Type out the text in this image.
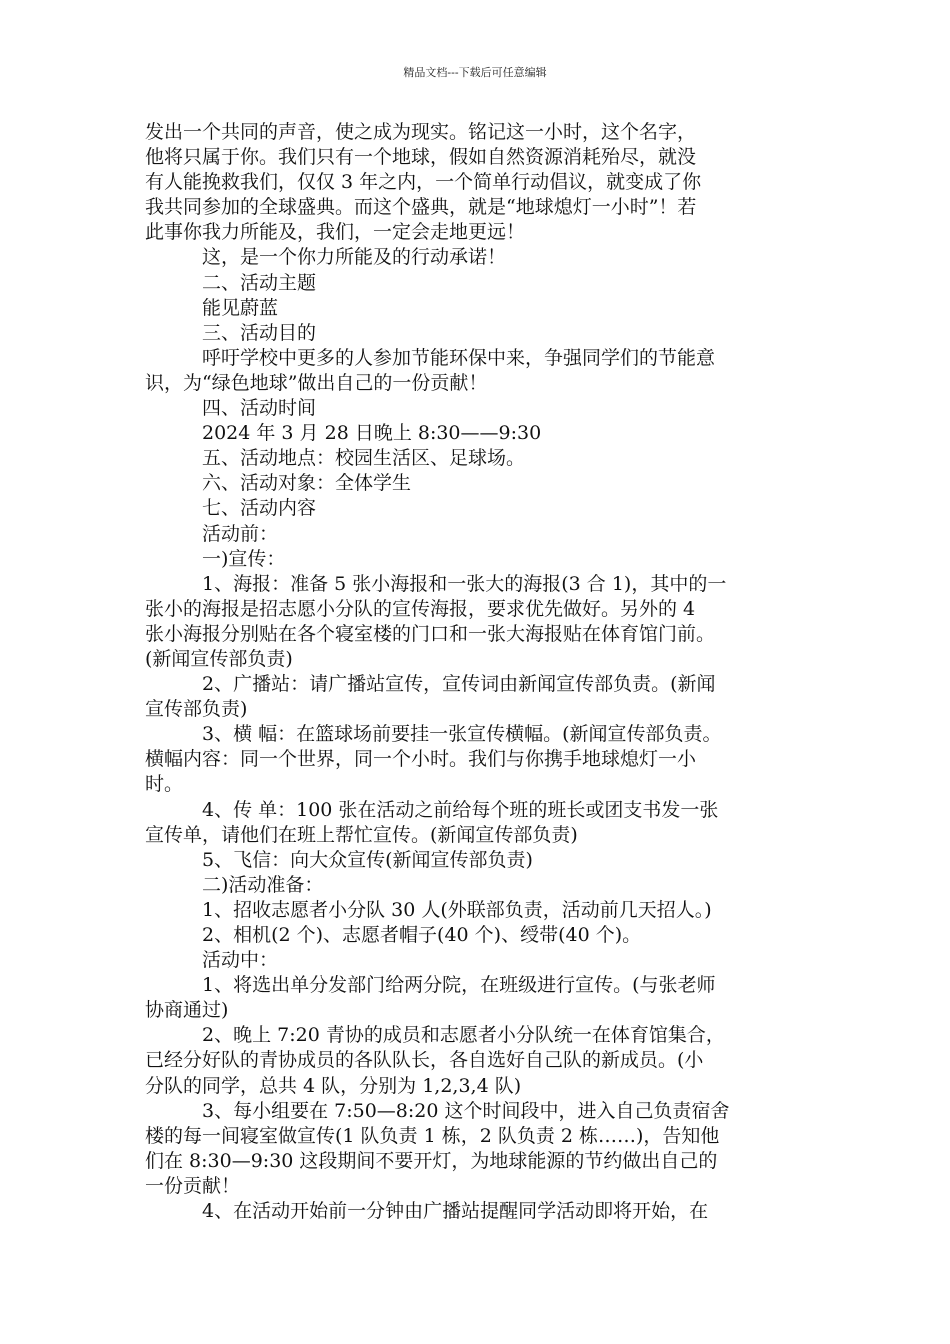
精品文档---下载后可任意编辑
发出一个共同的声音，使之成为现实。铭记这一小时，这个名字，
他将只属于你。我们只有一个地球，假如自然资源消耗殆尽，就没
有人能挽救我们，仅仅 3 年之内，一个简单行动倡议，就变成了你
我共同参加的全球盛典。而这个盛典，就是“地球熄灯一小时”！若
此事你我力所能及，我们，一定会走地更远！
这，是一个你力所能及的行动承诺！
二、活动主题
能见蔚蓝
三、活动目的
呼吁学校中更多的人参加节能环保中来，争强同学们的节能意
识，为“绿色地球”做出自己的一份贡献！
四、活动时间
2024 年 3 月 28 日晚上 8:30——9:30
五、活动地点：校园生活区、足球场。
六、活动对象：全体学生
七、活动内容
活动前：
一)宣传：
1、海报：准备 5 张小海报和一张大的海报(3 合 1)，其中的一
张小的海报是招志愿小分队的宣传海报，要求优先做好。另外的 4
张小海报分别贴在各个寝室楼的门口和一张大海报贴在体育馆门前。
(新闻宣传部负责)
2、广播站：请广播站宣传，宣传词由新闻宣传部负责。(新闻
宣传部负责)
3、横 幅：在篮球场前要挂一张宣传横幅。(新闻宣传部负责。
横幅内容：同一个世界，同一个小时。我们与你携手地球熄灯一小
时。
4、传 单：100 张在活动之前给每个班的班长或团支书发一张
宣传单，请他们在班上帮忙宣传。(新闻宣传部负责)
5、飞信：向大众宣传(新闻宣传部负责)
二)活动准备：
1、招收志愿者小分队 30 人(外联部负责，活动前几天招人。)
2、相机(2 个)、志愿者帽子(40 个)、绶带(40 个)。
活动中：
1、将选出单分发部门给两分院，在班级进行宣传。(与张老师
协商通过)
2、晚上 7:20 青协的成员和志愿者小分队统一在体育馆集合，
已经分好队的青协成员的各队队长，各自选好自己队的新成员。(小
分队的同学，总共 4 队，分别为 1,2,3,4 队)
3、每小组要在 7:50—8:20 这个时间段中，进入自己负责宿舍
楼的每一间寝室做宣传(1 队负责 1 栋，2 队负责 2 栋……)，告知他
们在 8:30—9:30 这段期间不要开灯，为地球能源的节约做出自己的
一份贡献！
4、在活动开始前一分钟由广播站提醒同学活动即将开始，在
